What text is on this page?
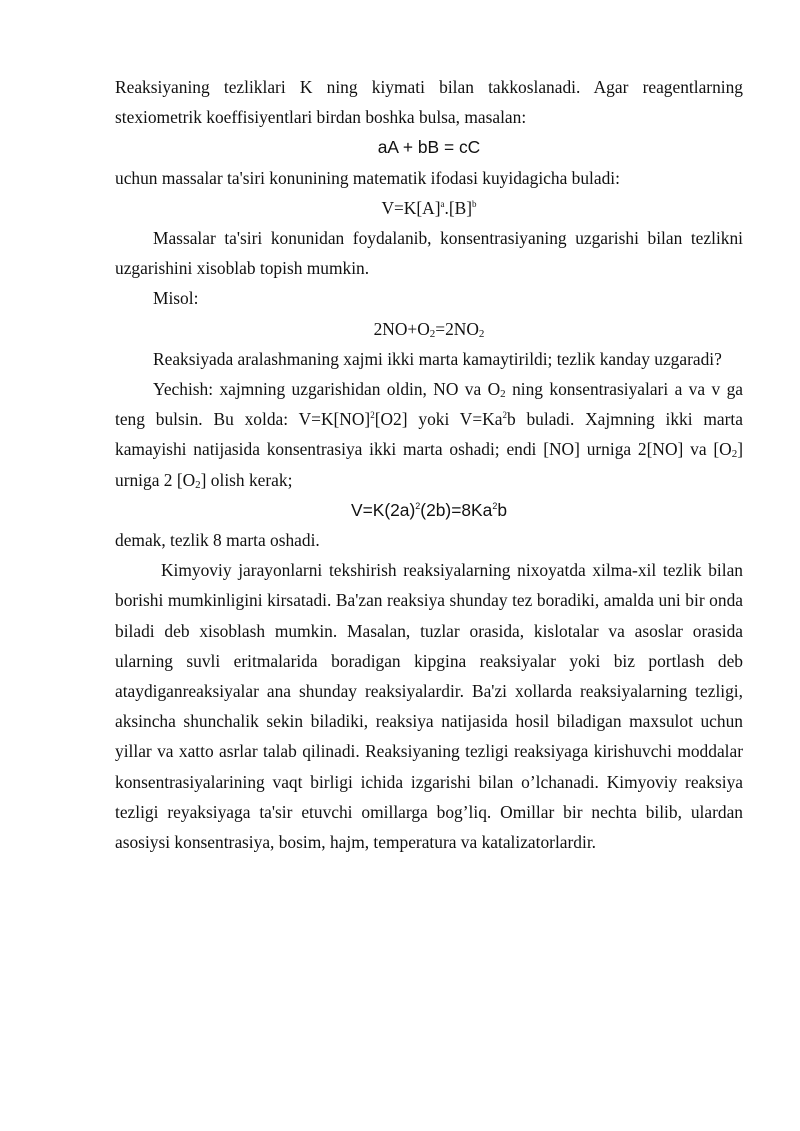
Reaksiyaning tezliklari K ning kiymati bilan takkoslanadi. Agar reagentlarning stexiometrik koeffisiyentlari birdan boshka bulsa, masalan:

aA + bB = cC

uchun massalar ta'siri konunining matematik ifodasi kuyidagicha buladi:

$V=K[A]^a.[B]^b$

Massalar ta'siri konunidan foydalanib, konsentrasiyaning uzgarishi bilan tezlikni uzgarishini xisoblab topish mumkin.

Misol:

2NO+O2=2NO2

Reaksiyada aralashmaning xajmi ikki marta kamaytirildi; tezlik kanday uzgaradi?

Yechish: xajmning uzgarishidan oldin, NO va O2 ning konsentrasiyalari a va v ga teng bulsin. Bu xolda: V=K[NO]$^2$[O2] yoki $V=Ka^2b$ buladi. Xajmning ikki marta kamayishi natijasida konsentrasiya ikki marta oshadi; endi [NO] urniga 2[NO] va [O2] urniga 2 [O2] olish kerak;

$V=K(2a)^2(2b)=8Ka^2b$

demak, tezlik 8 marta oshadi.

Kimyoviy jarayonlarni tekshirish reaksiyalarning nixoyatda xilma-xil tezlik bilan borishi mumkinligini kirsatadi. Ba'zan reaksiya shunday tez boradiki, amalda uni bir onda biladi deb xisoblash mumkin. Masalan, tuzlar orasida, kislotalar va asoslar orasida ularning suvli eritmalarida boradigan kipgina reaksiyalar yoki biz portlash deb ataydiganreaksiyalar ana shunday reaksiyalardir. Ba'zi xollarda reaksiyalarning tezligi, aksincha shunchalik sekin biladiki, reaksiya natijasida hosil biladigan maxsulot uchun yillar va xatto asrlar talab qilinadi. Reaksiyaning tezligi reaksiyaga kirishuvchi moddalar konsentrasiyalarining vaqt birligi ichida izgarishi bilan o’lchanadi. Kimyoviy reaksiya tezligi reyaksiyaga ta'sir etuvchi omillarga bog’liq. Omillar bir nechta bilib, ulardan asosiysi konsentrasiya, bosim, hajm, temperatura va katalizatorlardir.
